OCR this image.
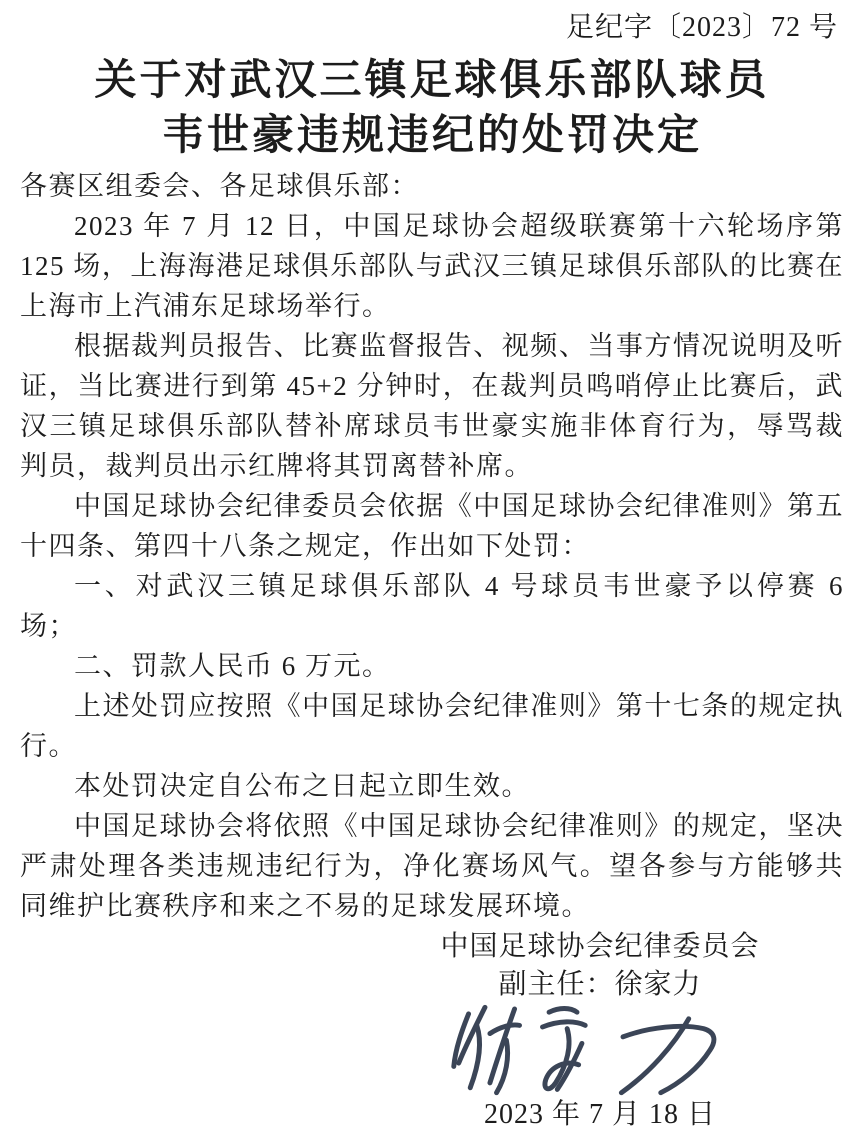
足纪字〔2023〕72 号
关于对武汉三镇足球俱乐部队球员
韦世豪违规违纪的处罚决定

各赛区组委会、各足球俱乐部：

2023 年 7 月 12 日，中国足球协会超级联赛第十六轮场序第 125 场，上海海港足球俱乐部队与武汉三镇足球俱乐部队的比赛在上海市上汽浦东足球场举行。

根据裁判员报告、比赛监督报告、视频、当事方情况说明及听证，当比赛进行到第 45+2 分钟时，在裁判员鸣哨停止比赛后，武汉三镇足球俱乐部队替补席球员韦世豪实施非体育行为，辱骂裁判员，裁判员出示红牌将其罚离替补席。

中国足球协会纪律委员会依据《中国足球协会纪律准则》第五十四条、第四十八条之规定，作出如下处罚：

一、对武汉三镇足球俱乐部队 4 号球员韦世豪予以停赛 6 场；

二、罚款人民币 6 万元。

上述处罚应按照《中国足球协会纪律准则》第十七条的规定执行。

本处罚决定自公布之日起立即生效。

中国足球协会将依照《中国足球协会纪律准则》的规定，坚决严肃处理各类违规违纪行为，净化赛场风气。望各参与方能够共同维护比赛秩序和来之不易的足球发展环境。

中国足球协会纪律委员会
副主任：徐家力
2023 年 7 月 18 日
